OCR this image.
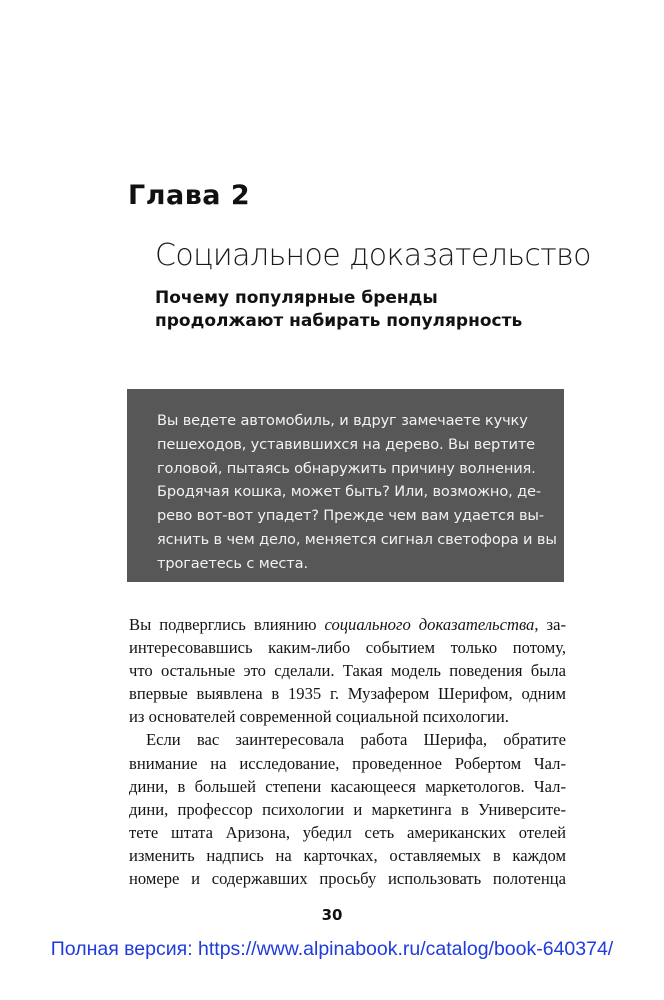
Глава 2
Социальное доказательство
Почему популярные бренды
продолжают набирать популярность
Вы ведете автомобиль, и вдруг замечаете кучку
пешеходов, уставившихся на дерево. Вы вертите
головой, пытаясь обнаружить причину волнения.
Бродячая кошка, может быть? Или, возможно, де-
рево вот-вот упадет? Прежде чем вам удается вы-
яснить в чем дело, меняется сигнал светофора и вы
трогаетесь с места.
Вы подверглись влиянию социального доказательства, за-
интересовавшись каким-либо событием только потому,
что остальные это сделали. Такая модель поведения была
впервые выявлена в 1935 г. Музафером Шерифом, одним
из основателей современной социальной психологии.
Если вас заинтересовала работа Шерифа, обратите
внимание на исследование, проведенное Робертом Чал-
дини, в большей степени касающееся маркетологов. Чал-
дини, профессор психологии и маркетинга в Университе-
тете штата Аризона, убедил сеть американских отелей
изменить надпись на карточках, оставляемых в каждом
номере и содержавших просьбу использовать полотенца
30
Полная версия: https://www.alpinabook.ru/catalog/book-640374/
